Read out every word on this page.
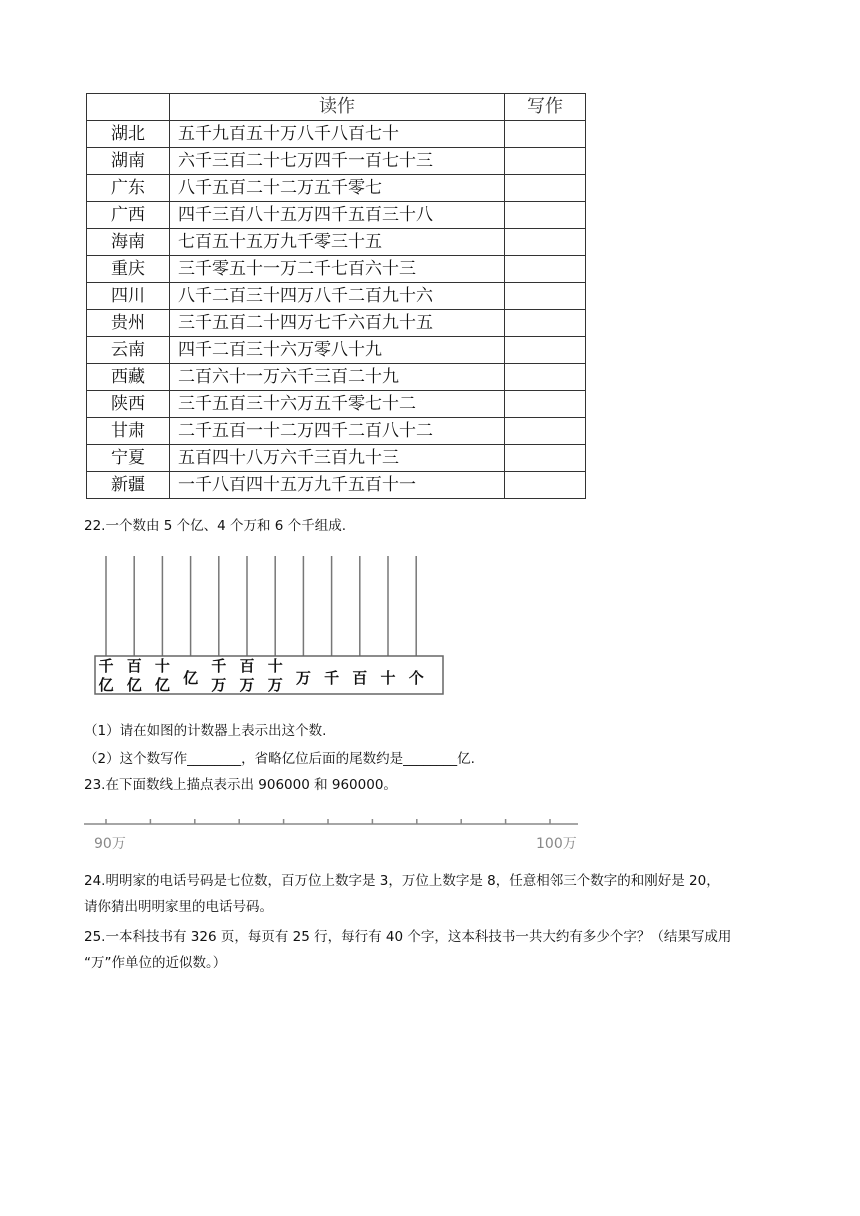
	读作	写作
湖北	五千九百五十万八千八百七十	
湖南	六千三百二十七万四千一百七十三	
广东	八千五百二十二万五千零七	
广西	四千三百八十五万四千五百三十八	
海南	七百五十五万九千零三十五	
重庆	三千零五十一万二千七百六十三	
四川	八千二百三十四万八千二百九十六	
贵州	三千五百二十四万七千六百九十五	
云南	四千二百三十六万零八十九	
西藏	二百六十一万六千三百二十九	
陕西	三千五百三十六万五千零七十二	
甘肃	二千五百一十二万四千二百八十二	
宁夏	五百四十八万六千三百九十三	
新疆	一千八百四十五万九千五百十一	
22.一个数由 5 个亿、4 个万和 6 个千组成.
千
亿
百
亿
十
亿 亿
千
万
百
万
十
万 万 千 百 十 个
（1）请在如图的计数器上表示出这个数.
（2）这个数写作________，省略亿位后面的尾数约是________亿.
23.在下面数线上描点表示出 906000 和 960000。
90万	100万
24.明明家的电话号码是七位数，百万位上数字是 3，万位上数字是 8，任意相邻三个数字的和刚好是 20，
请你猜出明明家里的电话号码。
25.一本科技书有 326 页，每页有 25 行，每行有 40 个字，这本科技书一共大约有多少个字？（结果写成用
“万”作单位的近似数。）
